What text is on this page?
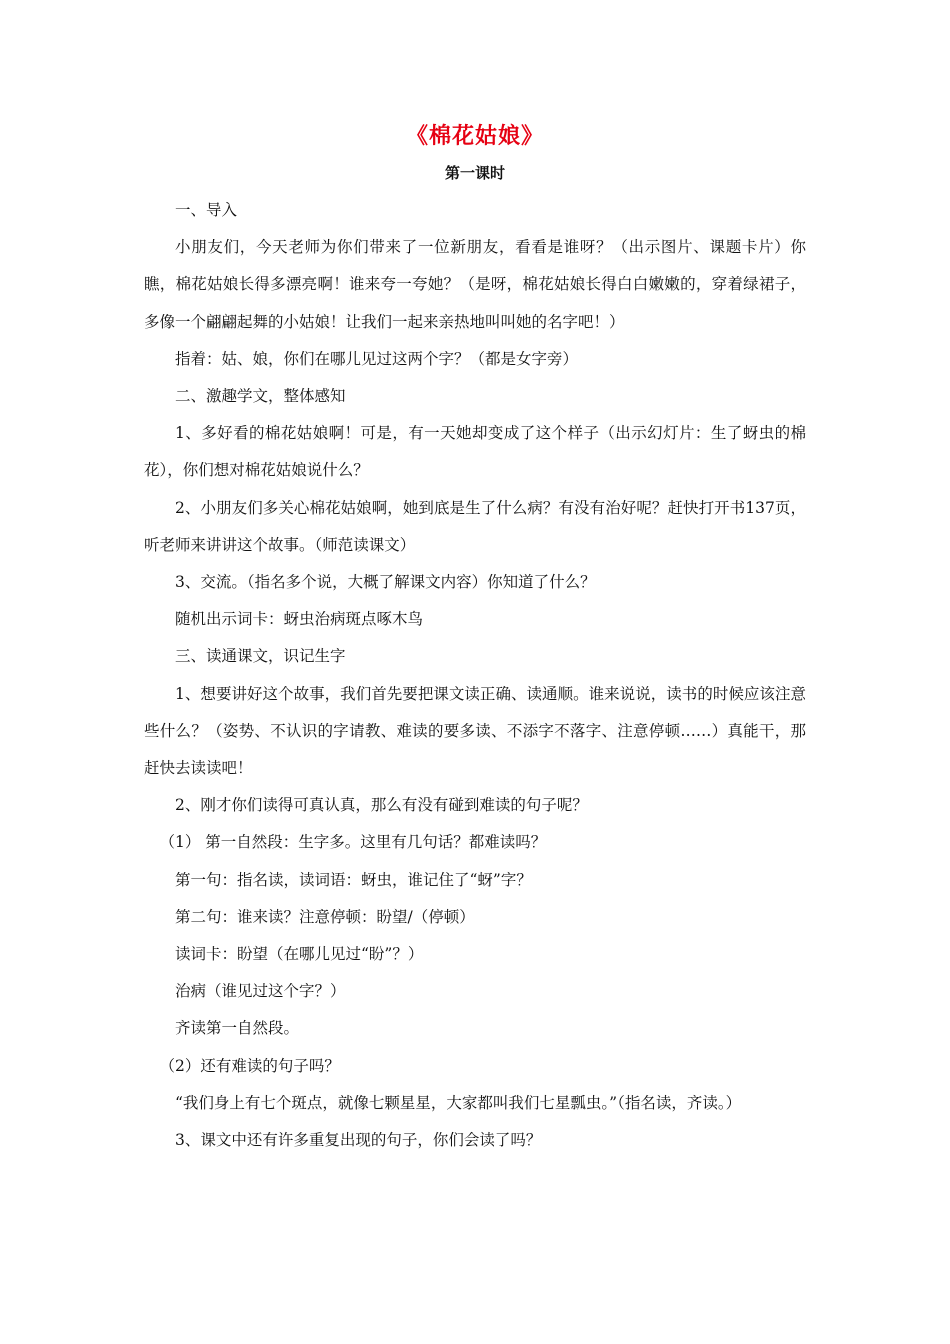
《棉花姑娘》
第一课时

一、导入

小朋友们，今天老师为你们带来了一位新朋友，看看是谁呀？（出示图片、课题卡片）你瞧，棉花姑娘长得多漂亮啊！谁来夸一夸她？（是呀，棉花姑娘长得白白嫩嫩的，穿着绿裙子，多像一个翩翩起舞的小姑娘！让我们一起来亲热地叫叫她的名字吧！）

指着：姑、娘，你们在哪儿见过这两个字？（都是女字旁）

二、激趣学文，整体感知

1、多好看的棉花姑娘啊！可是，有一天她却变成了这个样子（出示幻灯片：生了蚜虫的棉花），你们想对棉花姑娘说什么？

2、小朋友们多关心棉花姑娘啊，她到底是生了什么病？有没有治好呢？赶快打开书137页，听老师来讲讲这个故事。（师范读课文）

3、交流。（指名多个说，大概了解课文内容）你知道了什么？

随机出示词卡：蚜虫治病斑点啄木鸟

三、读通课文，识记生字

1、想要讲好这个故事，我们首先要把课文读正确、读通顺。谁来说说，读书的时候应该注意些什么？（姿势、不认识的字请教、难读的要多读、不添字不落字、注意停顿……）真能干，那赶快去读读吧！

2、刚才你们读得可真认真，那么有没有碰到难读的句子呢？

（1） 第一自然段：生字多。这里有几句话？都难读吗？

第一句：指名读，读词语：蚜虫，谁记住了“蚜”字？

第二句：谁来读？注意停顿：盼望/（停顿）

读词卡：盼望（在哪儿见过“盼”？）

治病（谁见过这个字？）

齐读第一自然段。

（2）还有难读的句子吗？

“我们身上有七个斑点，就像七颗星星，大家都叫我们七星瓢虫。”（指名读，齐读。）

3、课文中还有许多重复出现的句子，你们会读了吗？
